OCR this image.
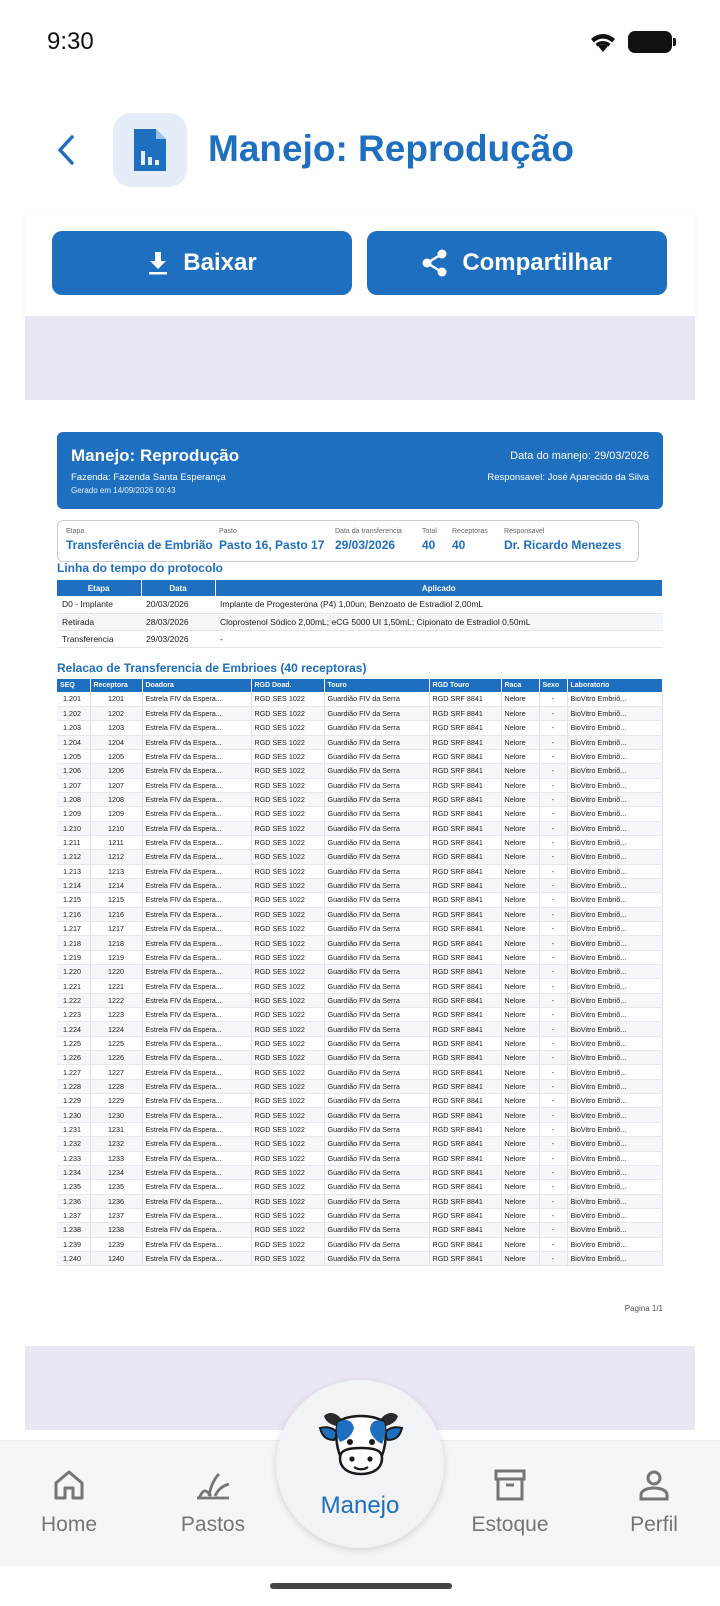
9:30
Manejo: Reprodução
Baixar	Compartilhar
Manejo: Reprodução
Fazenda: Fazenda Santa Esperança
Gerado em 14/09/2026 00:43
Data do manejo: 29/03/2026
Responsavel: José Aparecido da Silva
Etapa
Transferência de Embrião
Pasto
Pasto 16, Pasto 17
Data da transferencia
29/03/2026
Total
40
Receptoras
40
Responsavel
Dr. Ricardo Menezes
Linha do tempo do protocolo
Etapa	Data	Aplicado
D0 - Implante	20/03/2026	Implante de Progesterona (P4) 1,00un; Benzoato de Estradiol 2,00mL
Retirada	28/03/2026	Cloprostenol Sódico 2,00mL; eCG 5000 UI 1,50mL; Cipionato de Estradiol 0,50mL
Transferencia	29/03/2026	-
Relacao de Transferencia de Embrioes (40 receptoras)
SEQ	Receptora	Doadora	RGD Doad.	Touro	RGD Touro	Raca	Sexo	Laboratorio
1.201	1201	Estrela FIV da Espera...	RGD SES 1022	Guardião FIV da Serra	RGD SRF 8841	Nelore	-	BioVitro Embriõ...
1.202	1202	Estrela FIV da Espera...	RGD SES 1022	Guardião FIV da Serra	RGD SRF 8841	Nelore	-	BioVitro Embriõ...
1.203	1203	Estrela FIV da Espera...	RGD SES 1022	Guardião FIV da Serra	RGD SRF 8841	Nelore	-	BioVitro Embriõ...
1.204	1204	Estrela FIV da Espera...	RGD SES 1022	Guardião FIV da Serra	RGD SRF 8841	Nelore	-	BioVitro Embriõ...
1.205	1205	Estrela FIV da Espera...	RGD SES 1022	Guardião FIV da Serra	RGD SRF 8841	Nelore	-	BioVitro Embriõ...
1.206	1206	Estrela FIV da Espera...	RGD SES 1022	Guardião FIV da Serra	RGD SRF 8841	Nelore	-	BioVitro Embriõ...
1.207	1207	Estrela FIV da Espera...	RGD SES 1022	Guardião FIV da Serra	RGD SRF 8841	Nelore	-	BioVitro Embriõ...
1.208	1208	Estrela FIV da Espera...	RGD SES 1022	Guardião FIV da Serra	RGD SRF 8841	Nelore	-	BioVitro Embriõ...
1.209	1209	Estrela FIV da Espera...	RGD SES 1022	Guardião FIV da Serra	RGD SRF 8841	Nelore	-	BioVitro Embriõ...
1.210	1210	Estrela FIV da Espera...	RGD SES 1022	Guardião FIV da Serra	RGD SRF 8841	Nelore	-	BioVitro Embriõ...
1.211	1211	Estrela FIV da Espera...	RGD SES 1022	Guardião FIV da Serra	RGD SRF 8841	Nelore	-	BioVitro Embriõ...
1.212	1212	Estrela FIV da Espera...	RGD SES 1022	Guardião FIV da Serra	RGD SRF 8841	Nelore	-	BioVitro Embriõ...
1.213	1213	Estrela FIV da Espera...	RGD SES 1022	Guardião FIV da Serra	RGD SRF 8841	Nelore	-	BioVitro Embriõ...
1.214	1214	Estrela FIV da Espera...	RGD SES 1022	Guardião FIV da Serra	RGD SRF 8841	Nelore	-	BioVitro Embriõ...
1.215	1215	Estrela FIV da Espera...	RGD SES 1022	Guardião FIV da Serra	RGD SRF 8841	Nelore	-	BioVitro Embriõ...
1.216	1216	Estrela FIV da Espera...	RGD SES 1022	Guardião FIV da Serra	RGD SRF 8841	Nelore	-	BioVitro Embriõ...
1.217	1217	Estrela FIV da Espera...	RGD SES 1022	Guardião FIV da Serra	RGD SRF 8841	Nelore	-	BioVitro Embriõ...
1.218	1218	Estrela FIV da Espera...	RGD SES 1022	Guardião FIV da Serra	RGD SRF 8841	Nelore	-	BioVitro Embriõ...
1.219	1219	Estrela FIV da Espera...	RGD SES 1022	Guardião FIV da Serra	RGD SRF 8841	Nelore	-	BioVitro Embriõ...
1.220	1220	Estrela FIV da Espera...	RGD SES 1022	Guardião FIV da Serra	RGD SRF 8841	Nelore	-	BioVitro Embriõ...
1.221	1221	Estrela FIV da Espera...	RGD SES 1022	Guardião FIV da Serra	RGD SRF 8841	Nelore	-	BioVitro Embriõ...
1.222	1222	Estrela FIV da Espera...	RGD SES 1022	Guardião FIV da Serra	RGD SRF 8841	Nelore	-	BioVitro Embriõ...
1.223	1223	Estrela FIV da Espera...	RGD SES 1022	Guardião FIV da Serra	RGD SRF 8841	Nelore	-	BioVitro Embriõ...
1.224	1224	Estrela FIV da Espera...	RGD SES 1022	Guardião FIV da Serra	RGD SRF 8841	Nelore	-	BioVitro Embriõ...
1.225	1225	Estrela FIV da Espera...	RGD SES 1022	Guardião FIV da Serra	RGD SRF 8841	Nelore	-	BioVitro Embriõ...
1.226	1226	Estrela FIV da Espera...	RGD SES 1022	Guardião FIV da Serra	RGD SRF 8841	Nelore	-	BioVitro Embriõ...
1.227	1227	Estrela FIV da Espera...	RGD SES 1022	Guardião FIV da Serra	RGD SRF 8841	Nelore	-	BioVitro Embriõ...
1.228	1228	Estrela FIV da Espera...	RGD SES 1022	Guardião FIV da Serra	RGD SRF 8841	Nelore	-	BioVitro Embriõ...
1.229	1229	Estrela FIV da Espera...	RGD SES 1022	Guardião FIV da Serra	RGD SRF 8841	Nelore	-	BioVitro Embriõ...
1.230	1230	Estrela FIV da Espera...	RGD SES 1022	Guardião FIV da Serra	RGD SRF 8841	Nelore	-	BioVitro Embriõ...
1.231	1231	Estrela FIV da Espera...	RGD SES 1022	Guardião FIV da Serra	RGD SRF 8841	Nelore	-	BioVitro Embriõ...
1.232	1232	Estrela FIV da Espera...	RGD SES 1022	Guardião FIV da Serra	RGD SRF 8841	Nelore	-	BioVitro Embriõ...
1.233	1233	Estrela FIV da Espera...	RGD SES 1022	Guardião FIV da Serra	RGD SRF 8841	Nelore	-	BioVitro Embriõ...
1.234	1234	Estrela FIV da Espera...	RGD SES 1022	Guardião FIV da Serra	RGD SRF 8841	Nelore	-	BioVitro Embriõ...
1.235	1235	Estrela FIV da Espera...	RGD SES 1022	Guardião FIV da Serra	RGD SRF 8841	Nelore	-	BioVitro Embriõ...
1.236	1236	Estrela FIV da Espera...	RGD SES 1022	Guardião FIV da Serra	RGD SRF 8841	Nelore	-	BioVitro Embriõ...
1.237	1237	Estrela FIV da Espera...	RGD SES 1022	Guardião FIV da Serra	RGD SRF 8841	Nelore	-	BioVitro Embriõ...
1.238	1238	Estrela FIV da Espera...	RGD SES 1022	Guardião FIV da Serra	RGD SRF 8841	Nelore	-	BioVitro Embriõ...
1.239	1239	Estrela FIV da Espera...	RGD SES 1022	Guardião FIV da Serra	RGD SRF 8841	Nelore	-	BioVitro Embriõ...
1.240	1240	Estrela FIV da Espera...	RGD SES 1022	Guardião FIV da Serra	RGD SRF 8841	Nelore	-	BioVitro Embriõ...
Pagina 1/1
Home	Pastos	Estoque	Perfil
Manejo
